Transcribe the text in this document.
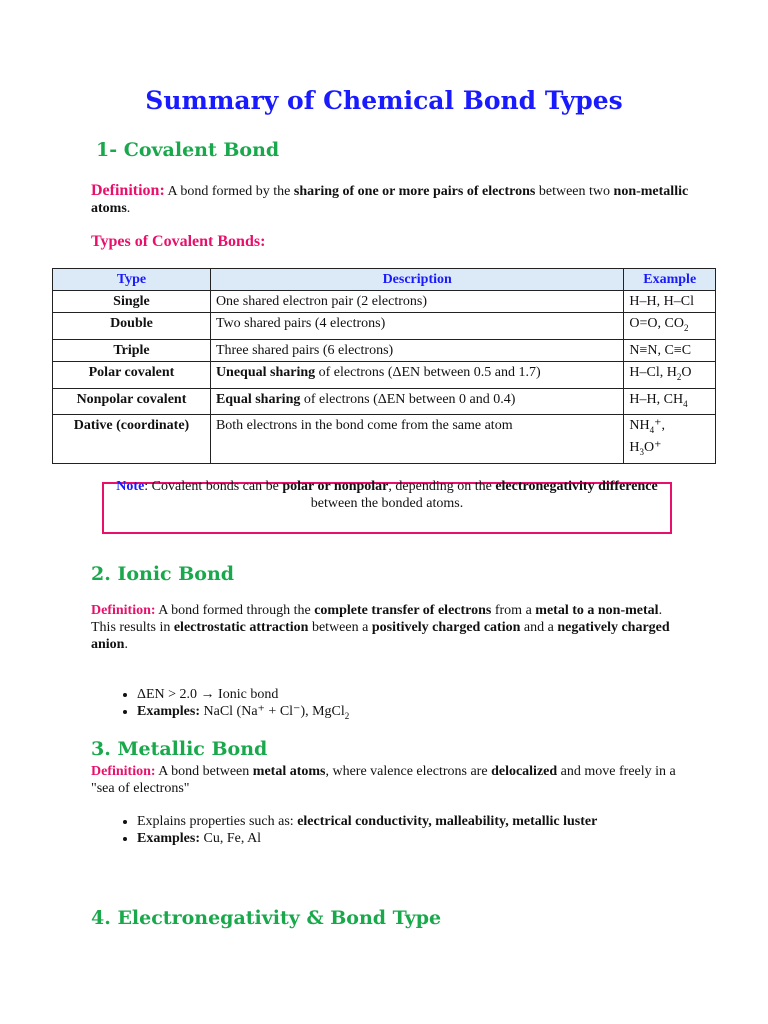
Summary of Chemical Bond Types
1- Covalent Bond

Definition: A bond formed by the sharing of one or more pairs of electrons between two non-metallic atoms.

Types of Covalent Bonds:

Type	Description	Example
Single	One shared electron pair (2 electrons)	H–H, H–Cl
Double	Two shared pairs (4 electrons)	O=O, $CO_2$
Triple	Three shared pairs (6 electrons)	N≡N, C≡C
Polar covalent	Unequal sharing of electrons (ΔEN between 0.5 and 1.7)	H–Cl, $H_2O$
Nonpolar covalent	Equal sharing of electrons (ΔEN between 0 and 0.4)	H–H, $CH_4$
Dative (coordinate)	Both electrons in the bond come from the same atom	$NH_4^+$,
$H_3O^+$
Note: Covalent bonds can be polar or nonpolar, depending on the electronegativity difference between the bonded atoms.
2. Ionic Bond

Definition: A bond formed through the complete transfer of electrons from a metal to a non-metal.
This results in electrostatic attraction between a positively charged cation and a negatively charged anion.

• ΔEN > 2.0 → Ionic bond
• Examples: NaCl (Na⁺ + Cl⁻), MgCl$_2$
3. Metallic Bond

Definition: A bond between metal atoms, where valence electrons are delocalized and move freely in a "sea of electrons"

• Explains properties such as: electrical conductivity, malleability, metallic luster
• Examples: Cu, Fe, Al
4. Electronegativity & Bond Type
